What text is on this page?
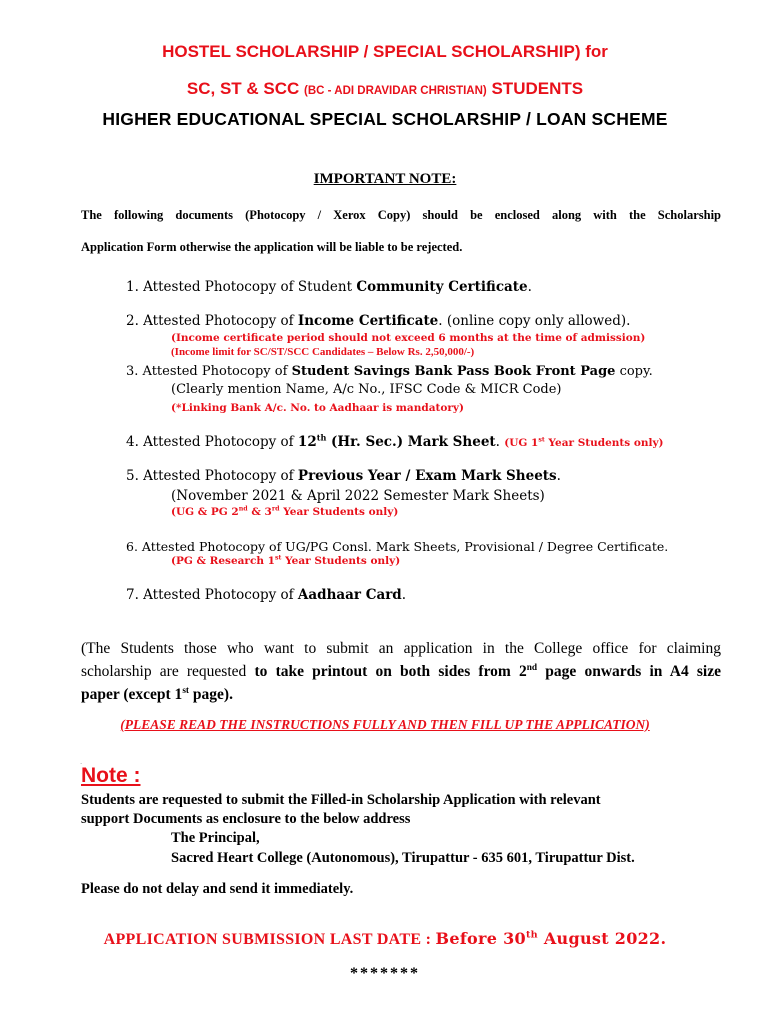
HOSTEL SCHOLARSHIP / SPECIAL SCHOLARSHIP) for
SC, ST & SCC (BC - ADI DRAVIDAR CHRISTIAN) STUDENTS
HIGHER EDUCATIONAL SPECIAL SCHOLARSHIP / LOAN SCHEME
IMPORTANT NOTE:
The following documents (Photocopy / Xerox Copy) should be enclosed along with the Scholarship
Application Form otherwise the application will be liable to be rejected.
1. Attested Photocopy of Student Community Certificate.
2. Attested Photocopy of Income Certificate. (online copy only allowed).
(Income certificate period should not exceed 6 months at the time of admission)
(Income limit for SC/ST/SCC Candidates – Below Rs. 2,50,000/-)
3. Attested Photocopy of Student Savings Bank Pass Book Front Page copy.
(Clearly mention Name, A/c No., IFSC Code & MICR Code)
(*Linking Bank A/c. No. to Aadhaar is mandatory)
4. Attested Photocopy of 12th (Hr. Sec.) Mark Sheet. (UG 1st Year Students only)
5. Attested Photocopy of Previous Year / Exam Mark Sheets.
(November 2021 & April 2022 Semester Mark Sheets)
(UG & PG 2nd & 3rd Year Students only)
6. Attested Photocopy of UG/PG Consl. Mark Sheets, Provisional / Degree Certificate.
(PG & Research 1st Year Students only)
7. Attested Photocopy of Aadhaar Card.
(The Students those who want to submit an application in the College office for claiming
scholarship are requested to take printout on both sides from 2nd page onwards in A4 size
paper (except 1st page).
(PLEASE READ THE INSTRUCTIONS FULLY AND THEN FILL UP THE APPLICATION)
.
Note :
Students are requested to submit the Filled-in Scholarship Application with relevant
support Documents as enclosure to the below address
The Principal,
Sacred Heart College (Autonomous), Tirupattur - 635 601, Tirupattur Dist.
Please do not delay and send it immediately.
APPLICATION SUBMISSION LAST DATE : Before 30th August 2022.
*******
